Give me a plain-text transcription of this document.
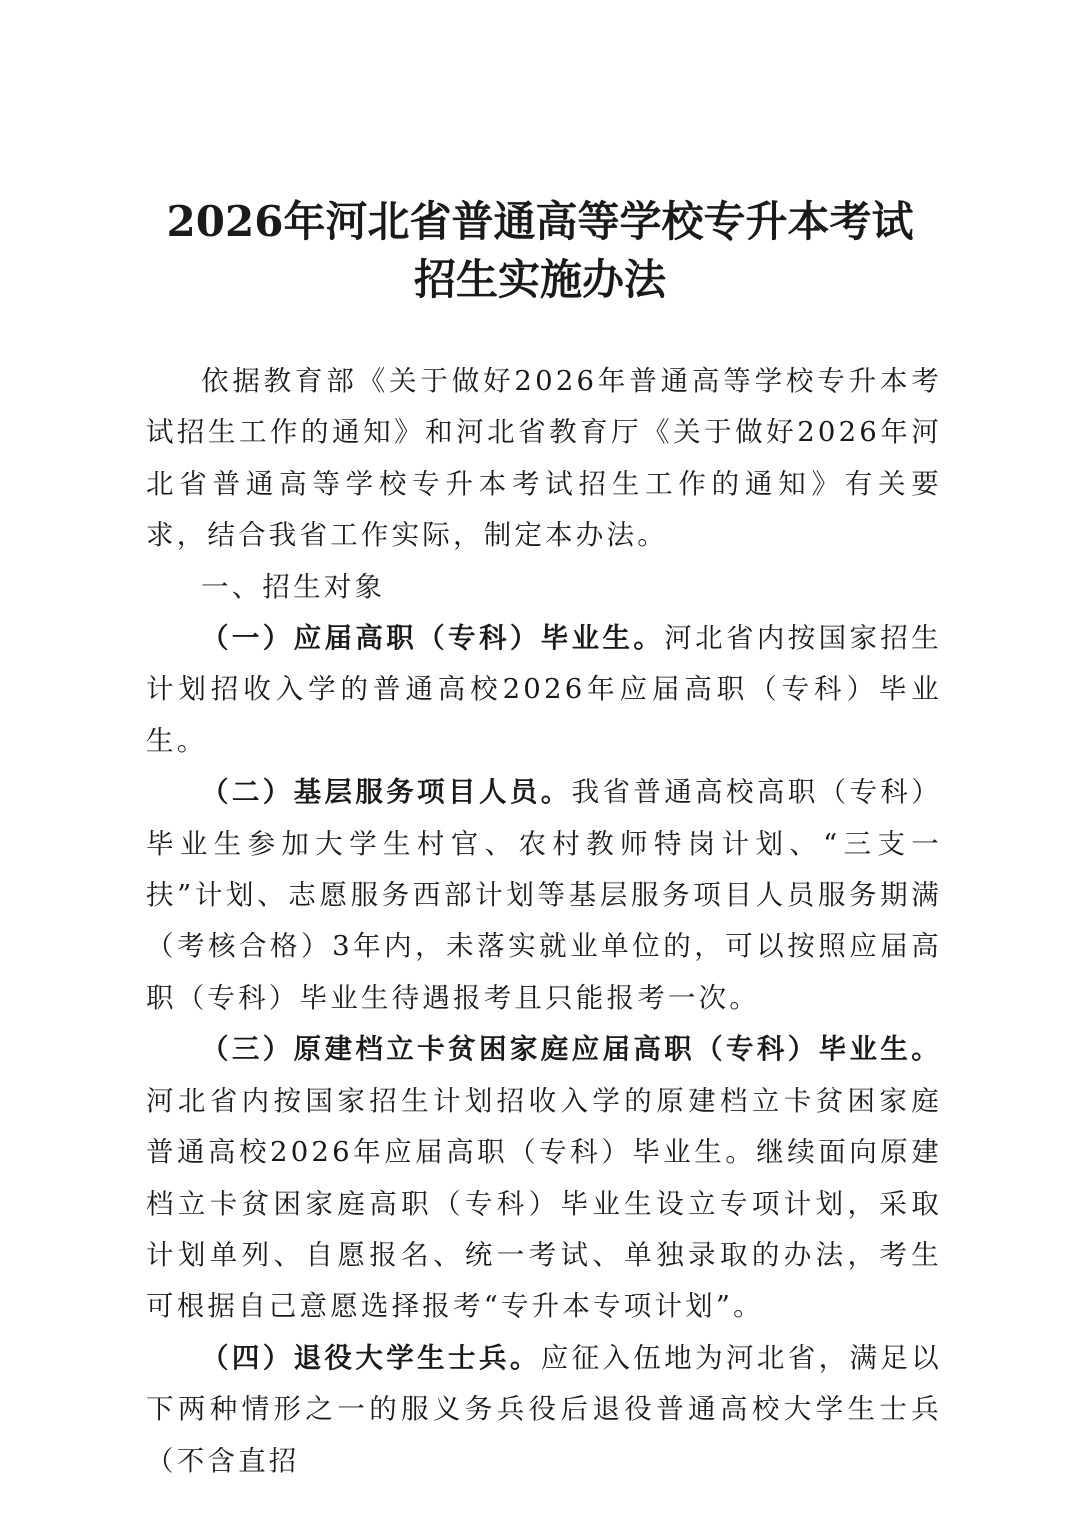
2026年河北省普通高等学校专升本考试
招生实施办法

依据教育部《关于做好2026年普通高等学校专升本考试招生工作的通知》和河北省教育厅《关于做好2026年河北省普通高等学校专升本考试招生工作的通知》有关要求，结合我省工作实际，制定本办法。

一、招生对象

（一）应届高职（专科）毕业生。河北省内按国家招生计划招收入学的普通高校2026年应届高职（专科）毕业生。

（二）基层服务项目人员。我省普通高校高职（专科）毕业生参加大学生村官、农村教师特岗计划、“三支一扶”计划、志愿服务西部计划等基层服务项目人员服务期满（考核合格）3年内，未落实就业单位的，可以按照应届高职（专科）毕业生待遇报考且只能报考一次。

（三）原建档立卡贫困家庭应届高职（专科）毕业生。河北省内按国家招生计划招收入学的原建档立卡贫困家庭普通高校2026年应届高职（专科）毕业生。继续面向原建档立卡贫困家庭高职（专科）毕业生设立专项计划，采取计划单列、自愿报名、统一考试、单独录取的办法，考生可根据自己意愿选择报考“专升本专项计划”。

（四）退役大学生士兵。应征入伍地为河北省，满足以下两种情形之一的服义务兵役后退役普通高校大学生士兵（不含直招
